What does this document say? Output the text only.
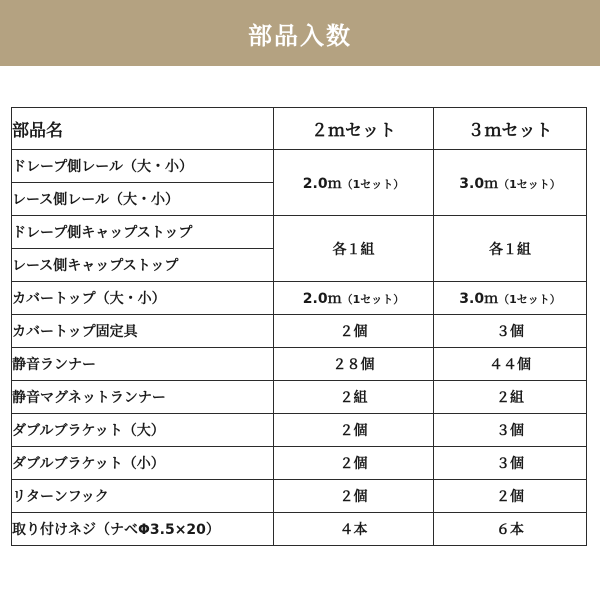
部品入数
部品名	２ｍセット	３ｍセット
ドレープ側レール（大・小）	2.0ｍ（1セット）	3.0ｍ（1セット）
レース側レール（大・小）		
ドレープ側キャップストップ	各１組	各１組
レース側キャップストップ		
カバートップ（大・小）	2.0ｍ（1セット）	3.0ｍ（1セット）
カバートップ固定具	２個	３個
静音ランナー	２８個	４４個
静音マグネットランナー	２組	２組
ダブルブラケット（大）	２個	３個
ダブルブラケット（小）	２個	３個
リターンフック	２個	２個
取り付けネジ（ナベΦ3.5×20）	４本	６本
